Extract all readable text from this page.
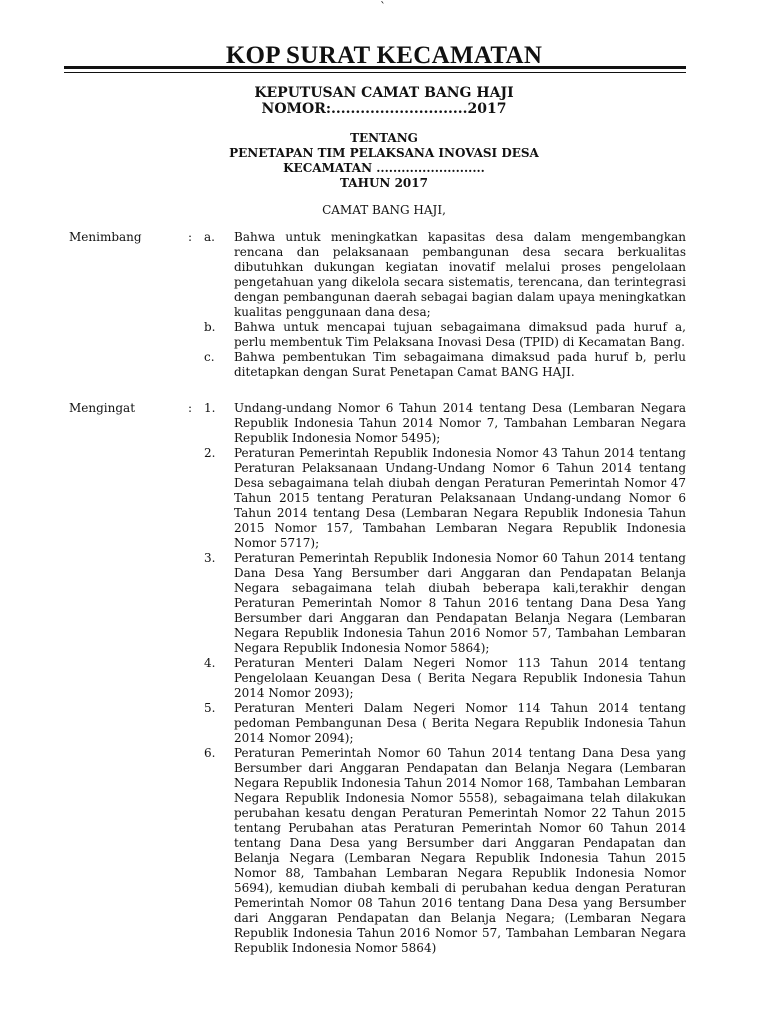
`
KOP SURAT KECAMATAN
KEPUTUSAN CAMAT BANG HAJI
NOMOR:............................2017
TENTANG
PENETAPAN TIM PELAKSANA INOVASI DESA
KECAMATAN ..........................
TAHUN 2017
CAMAT BANG HAJI,
Menimbang	: a.	Bahwa untuk meningkatkan kapasitas desa dalam mengembangkan rencana dan pelaksanaan pembangunan desa secara berkualitas dibutuhkan dukungan kegiatan inovatif melalui proses pengelolaan pengetahuan yang dikelola secara sistematis, terencana, dan terintegrasi dengan pembangunan daerah sebagai bagian dalam upaya meningkatkan kualitas penggunaan dana desa;
b.	Bahwa untuk mencapai tujuan sebagaimana dimaksud pada huruf a, perlu membentuk Tim Pelaksana Inovasi Desa (TPID) di Kecamatan Bang.
c.	Bahwa pembentukan Tim sebagaimana dimaksud pada huruf b, perlu ditetapkan dengan Surat Penetapan Camat BANG HAJI.
Mengingat	: 1.	Undang-undang Nomor 6 Tahun 2014 tentang Desa (Lembaran Negara Republik Indonesia Tahun 2014 Nomor 7, Tambahan Lembaran Negara Republik Indonesia Nomor 5495);
2.	Peraturan Pemerintah Republik Indonesia Nomor 43 Tahun 2014 tentang Peraturan Pelaksanaan Undang-Undang Nomor 6 Tahun 2014 tentang Desa sebagaimana telah diubah dengan Peraturan Pemerintah Nomor 47 Tahun 2015 tentang Peraturan Pelaksanaan Undang-undang Nomor 6 Tahun 2014 tentang Desa (Lembaran Negara Republik Indonesia Tahun 2015 Nomor 157, Tambahan Lembaran Negara Republik Indonesia Nomor 5717);
3.	Peraturan Pemerintah Republik Indonesia Nomor 60 Tahun 2014 tentang Dana Desa Yang Bersumber dari Anggaran dan Pendapatan Belanja Negara sebagaimana telah diubah beberapa kali,terakhir dengan Peraturan Pemerintah Nomor 8 Tahun 2016 tentang Dana Desa Yang Bersumber dari Anggaran dan Pendapatan Belanja Negara (Lembaran Negara Republik Indonesia Tahun 2016 Nomor 57, Tambahan Lembaran Negara Republik Indonesia Nomor 5864);
4.	Peraturan Menteri Dalam Negeri Nomor 113 Tahun 2014 tentang Pengelolaan Keuangan Desa ( Berita Negara Republik Indonesia Tahun 2014 Nomor 2093);
5.	Peraturan Menteri Dalam Negeri Nomor 114 Tahun 2014 tentang pedoman Pembangunan Desa ( Berita Negara Republik Indonesia Tahun 2014 Nomor 2094);
6.	Peraturan Pemerintah Nomor 60 Tahun 2014 tentang Dana Desa yang Bersumber dari Anggaran Pendapatan dan Belanja Negara (Lembaran Negara Republik Indonesia Tahun 2014 Nomor 168, Tambahan Lembaran Negara Republik Indonesia Nomor 5558), sebagaimana telah dilakukan perubahan kesatu dengan Peraturan Pemerintah Nomor 22 Tahun 2015 tentang Perubahan atas Peraturan Pemerintah Nomor 60 Tahun 2014 tentang Dana Desa yang Bersumber dari Anggaran Pendapatan dan Belanja Negara (Lembaran Negara Republik Indonesia Tahun 2015 Nomor 88, Tambahan Lembaran Negara Republik Indonesia Nomor 5694), kemudian diubah kembali di perubahan kedua dengan Peraturan Pemerintah Nomor 08 Tahun 2016 tentang Dana Desa yang Bersumber dari Anggaran Pendapatan dan Belanja Negara; (Lembaran Negara Republik Indonesia Tahun 2016 Nomor 57, Tambahan Lembaran Negara Republik Indonesia Nomor 5864)
